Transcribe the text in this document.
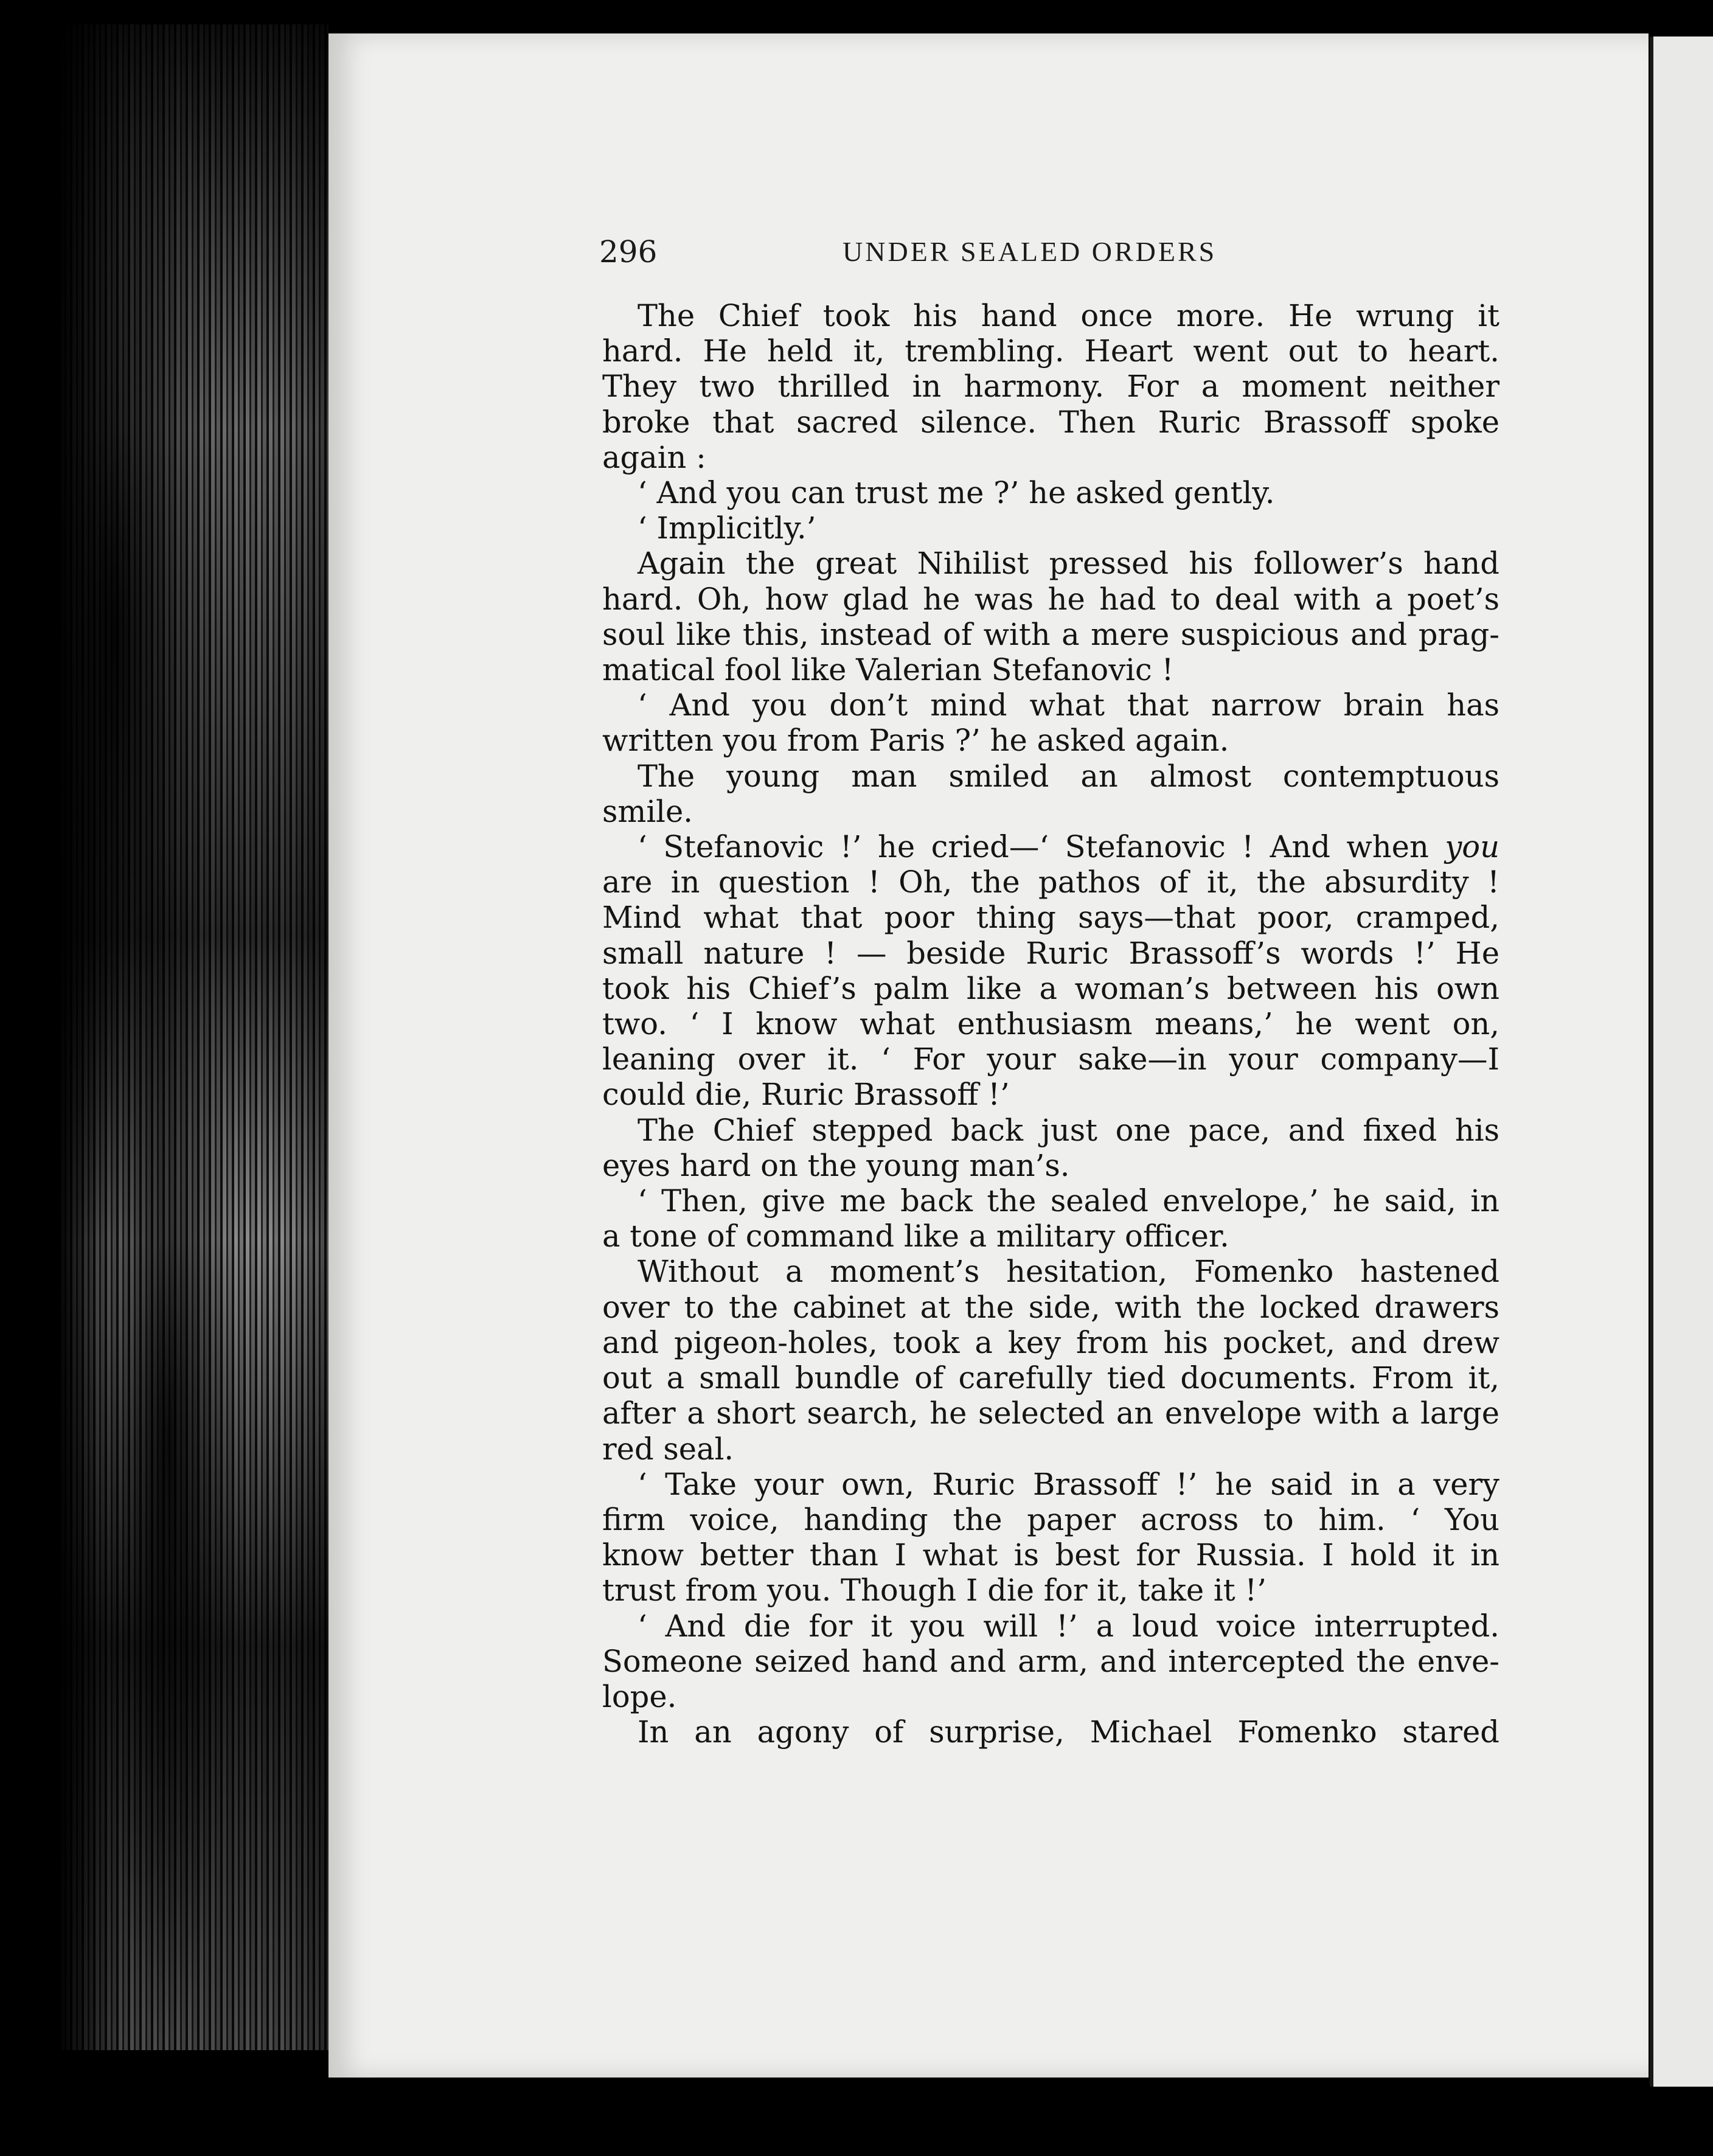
296	UNDER SEALED ORDERS
The Chief took his hand once more. He wrung it
hard. He held it, trembling. Heart went out to heart.
They two thrilled in harmony. For a moment neither
broke that sacred silence. Then Ruric Brassoff spoke
again :
‘ And you can trust me ?’ he asked gently.
‘ Implicitly.’
Again the great Nihilist pressed his follower’s hand
hard. Oh, how glad he was he had to deal with a poet’s
soul like this, instead of with a mere suspicious and prag-
matical fool like Valerian Stefanovic !
‘ And you don’t mind what that narrow brain has
written you from Paris ?’ he asked again.
The young man smiled an almost contemptuous
smile.
‘ Stefanovic !’ he cried—‘ Stefanovic ! And when you
are in question ! Oh, the pathos of it, the absurdity !
Mind what that poor thing says—that poor, cramped,
small nature ! — beside Ruric Brassoff’s words !’ He
took his Chief’s palm like a woman’s between his own
two. ‘ I know what enthusiasm means,’ he went on,
leaning over it. ‘ For your sake—in your company—I
could die, Ruric Brassoff !’
The Chief stepped back just one pace, and fixed his
eyes hard on the young man’s.
‘ Then, give me back the sealed envelope,’ he said, in
a tone of command like a military officer.
Without a moment’s hesitation, Fomenko hastened
over to the cabinet at the side, with the locked drawers
and pigeon-holes, took a key from his pocket, and drew
out a small bundle of carefully tied documents. From it,
after a short search, he selected an envelope with a large
red seal.
‘ Take your own, Ruric Brassoff !’ he said in a very
firm voice, handing the paper across to him. ‘ You
know better than I what is best for Russia. I hold it in
trust from you. Though I die for it, take it !’
‘ And die for it you will !’ a loud voice interrupted.
Someone seized hand and arm, and intercepted the enve-
lope.
In an agony of surprise, Michael Fomenko stared
